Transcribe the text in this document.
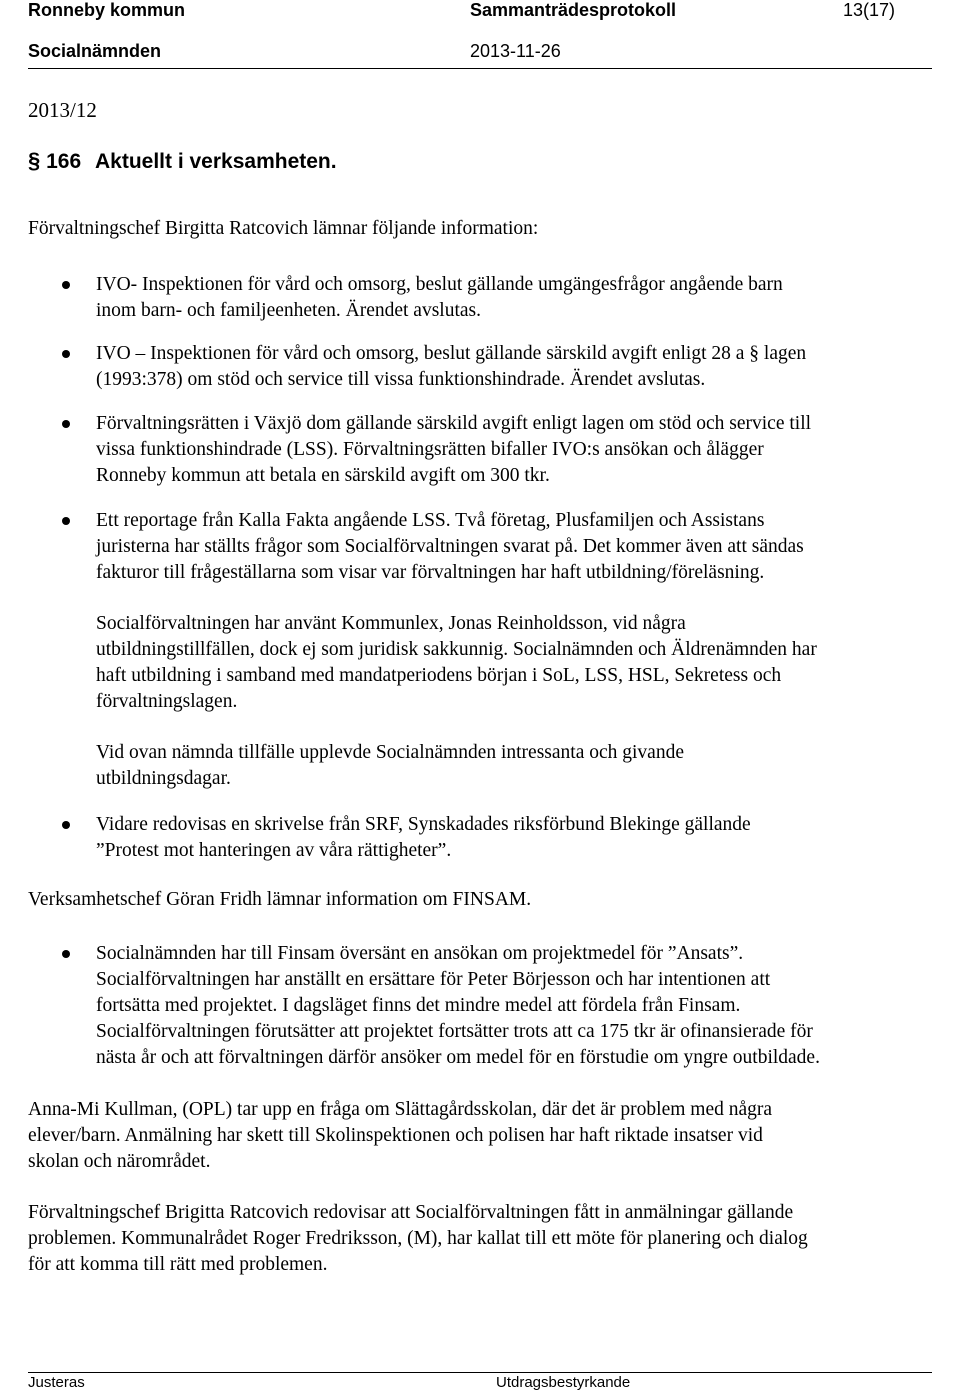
Ronneby kommun	Sammanträdesprotokoll	13(17)
Socialnämnden	2013-11-26
2013/12
§ 166 Aktuellt i verksamheten.
Förvaltningschef Birgitta Ratcovich lämnar följande information:
IVO- Inspektionen för vård och omsorg, beslut gällande umgängesfrågor angående barn
inom barn- och familjeenheten. Ärendet avslutas.
IVO – Inspektionen för vård och omsorg, beslut gällande särskild avgift enligt 28 a § lagen
(1993:378) om stöd och service till vissa funktionshindrade. Ärendet avslutas.
Förvaltningsrätten i Växjö dom gällande särskild avgift enligt lagen om stöd och service till
vissa funktionshindrade (LSS). Förvaltningsrätten bifaller IVO:s ansökan och ålägger
Ronneby kommun att betala en särskild avgift om 300 tkr.
Ett reportage från Kalla Fakta angående LSS. Två företag, Plusfamiljen och Assistans
juristerna har ställts frågor som Socialförvaltningen svarat på. Det kommer även att sändas
fakturor till frågeställarna som visar var förvaltningen har haft utbildning/föreläsning.
Socialförvaltningen har använt Kommunlex, Jonas Reinholdsson, vid några
utbildningstillfällen, dock ej som juridisk sakkunnig. Socialnämnden och Äldrenämnden har
haft utbildning i samband med mandatperiodens början i SoL, LSS, HSL, Sekretess och
förvaltningslagen.
Vid ovan nämnda tillfälle upplevde Socialnämnden intressanta och givande
utbildningsdagar.
Vidare redovisas en skrivelse från SRF, Synskadades riksförbund Blekinge gällande
”Protest mot hanteringen av våra rättigheter”.
Verksamhetschef Göran Fridh lämnar information om FINSAM.
Socialnämnden har till Finsam översänt en ansökan om projektmedel för ”Ansats”.
Socialförvaltningen har anställt en ersättare för Peter Börjesson och har intentionen att
fortsätta med projektet. I dagsläget finns det mindre medel att fördela från Finsam.
Socialförvaltningen förutsätter att projektet fortsätter trots att ca 175 tkr är ofinansierade för
nästa år och att förvaltningen därför ansöker om medel för en förstudie om yngre outbildade.
Anna-Mi Kullman, (OPL) tar upp en fråga om Slättagårdsskolan, där det är problem med några
elever/barn. Anmälning har skett till Skolinspektionen och polisen har haft riktade insatser vid
skolan och närområdet.
Förvaltningschef Brigitta Ratcovich redovisar att Socialförvaltningen fått in anmälningar gällande
problemen. Kommunalrådet Roger Fredriksson, (M), har kallat till ett möte för planering och dialog
för att komma till rätt med problemen.
Justeras	Utdragsbestyrkande
